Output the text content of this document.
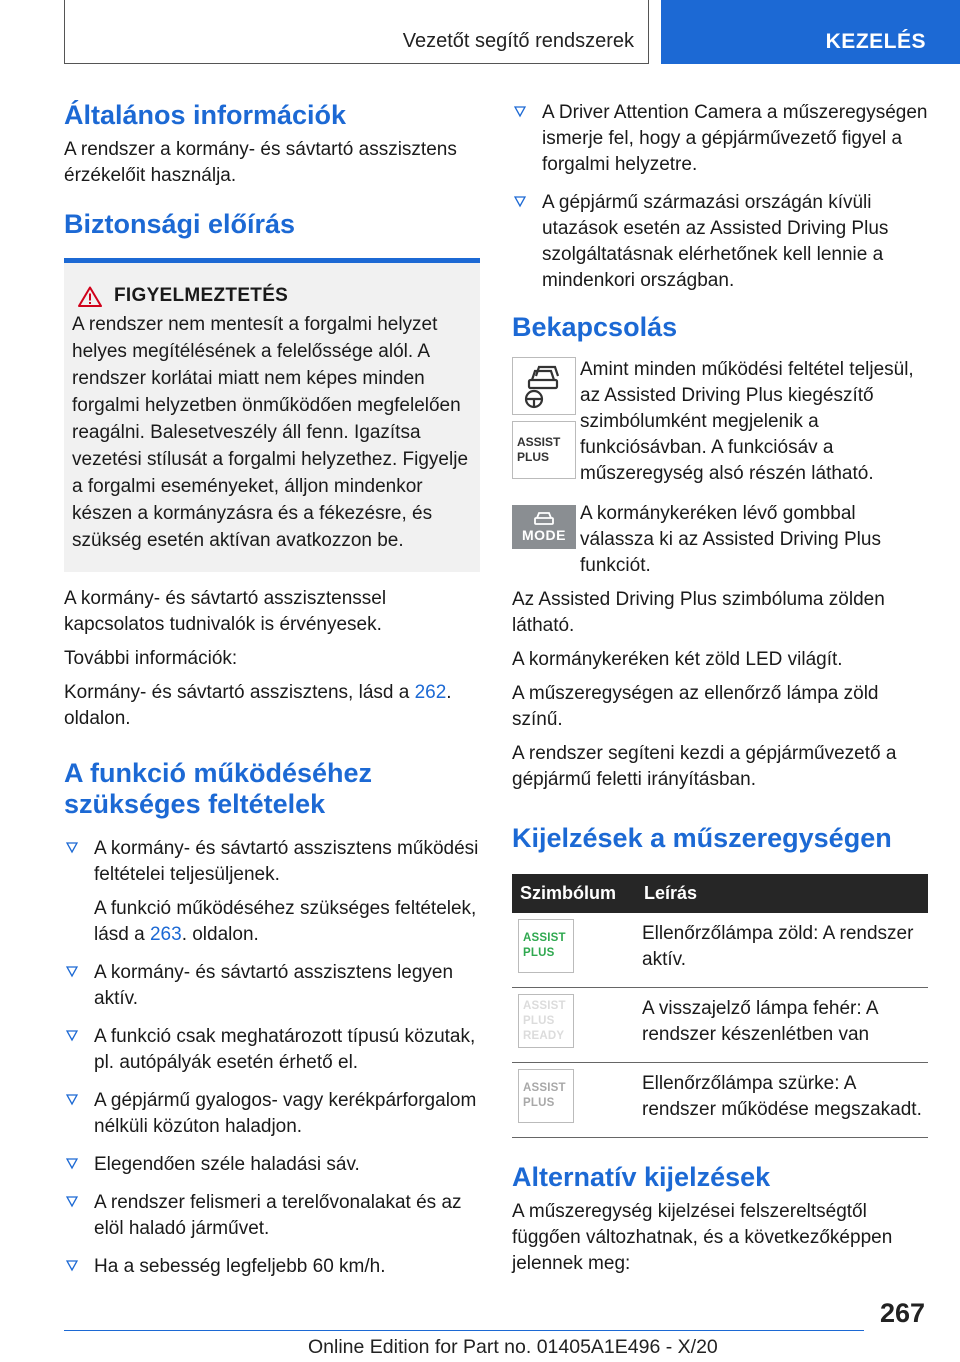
Vezetőt segítő rendszerek	KEZELÉS
Általános információk

A rendszer a kormány- és sávtartó asszisztens érzékelőit használja.

Biztonsági előírás
FIGYELMEZTETÉS

A rendszer nem mentesít a forgalmi helyzet helyes megítélésének a felelőssége alól. A rendszer korlátai miatt nem képes minden forgalmi helyzetben önműködően megfelelően reagálni. Balesetveszély áll fenn. Igazítsa vezetési stílusát a forgalmi helyzethez. Figyelje a forgalmi eseményeket, álljon mindenkor készen a kormányzásra és a fékezésre, és szükség esetén aktívan avatkozzon be.

A kormány- és sávtartó asszisztenssel kapcsolatos tudnivalók is érvényesek.

További információk:

Kormány- és sávtartó asszisztens, lásd a 262. oldalon.

A funkció működéséhez szükséges feltételek
A kormány- és sávtartó asszisztens működési feltételei teljesüljenek.
A funkció működéséhez szükséges feltételek, lásd a 263. oldalon.
A kormány- és sávtartó asszisztens legyen aktív.
A funkció csak meghatározott típusú közutak, pl. autópályák esetén érhető el.
A gépjármű gyalogos- vagy kerékpárforgalom nélküli közúton haladjon.
Elegendően széle haladási sáv.
A rendszer felismeri a terelővonalakat és az elöl haladó járművet.
Ha a sebesség legfeljebb 60 km/h.
A Driver Attention Camera a műszeregységen ismerje fel, hogy a gépjárművezető figyel a forgalmi helyzetre.
A gépjármű származási országán kívüli utazások esetén az Assisted Driving Plus szolgáltatásnak elérhetőnek kell lennie a mindenkori országban.
Bekapcsolás
ASSIST
PLUS

Amint minden működési feltétel teljesül, az Assisted Driving Plus kiegészítő szimbólumként megjelenik a funkciósávban. A funkciósáv a műszeregység alsó részén látható.

MODE

A kormánykeréken lévő gombbal válassza ki az Assisted Driving Plus funkciót.

Az Assisted Driving Plus szimbóluma zölden látható.

A kormánykeréken két zöld LED világít.

A műszeregységen az ellenőrző lámpa zöld színű.

A rendszer segíteni kezdi a gépjárművezető a gépjármű feletti irányításban.

Kijelzések a műszeregységen
Szimbólum	Leírás

ASSIST
PLUS	Ellenőrzőlámpa zöld: A rendszer aktív.

ASSIST
PLUS
READY	A visszajelző lámpa fehér: A rendszer készenlétben van

ASSIST
PLUS	Ellenőrzőlámpa szürke: A rendszer működése megszakadt.
Alternatív kijelzések

A műszeregység kijelzései felszereltségtől függően változhatnak, és a következőképpen jelennek meg:

267
Online Edition for Part no. 01405A1E496 - X/20
